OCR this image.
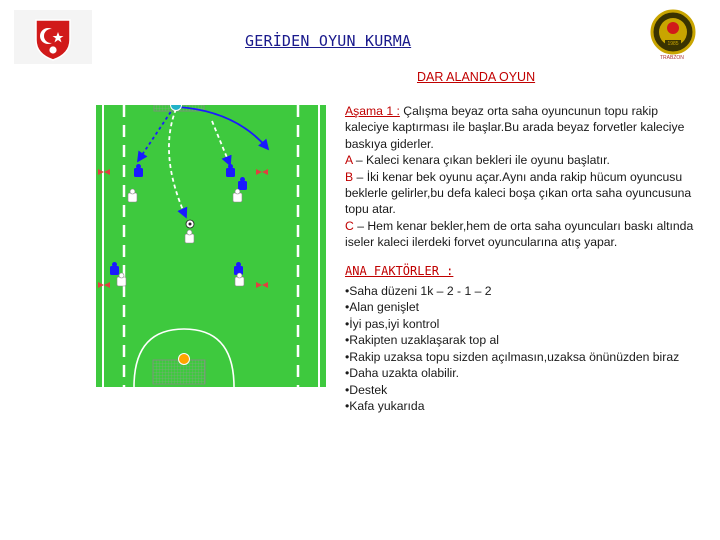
1985
TRABZON
GERİDEN OYUN KURMA
DAR ALANDA OYUN

Aşama 1 : Çalışma beyaz orta saha oyuncunun topu rakip kaleciye kaptırması ile başlar.Bu arada beyaz forvetler kaleciye baskıya giderler.

A – Kaleci kenara çıkan bekleri ile oyunu başlatır.

B – İki kenar bek oyunu açar.Aynı anda rakip hücum oyuncusu beklerle gelirler,bu defa kaleci boşa çıkan orta saha oyuncusuna topu atar.

C – Hem kenar bekler,hem de orta saha oyuncuları baskı altında iseler kaleci ilerdeki forvet oyuncularına atış yapar.

ANA FAKTÖRLER :

•Saha düzeni 1k – 2 - 1 – 2
•Alan genişlet
•İyi pas,iyi kontrol
•Rakipten uzaklaşarak top al
•Rakip uzaksa topu sizden açılmasın,uzaksa önünüzden biraz
•Daha uzakta olabilir.
•Destek
•Kafa yukarıda
